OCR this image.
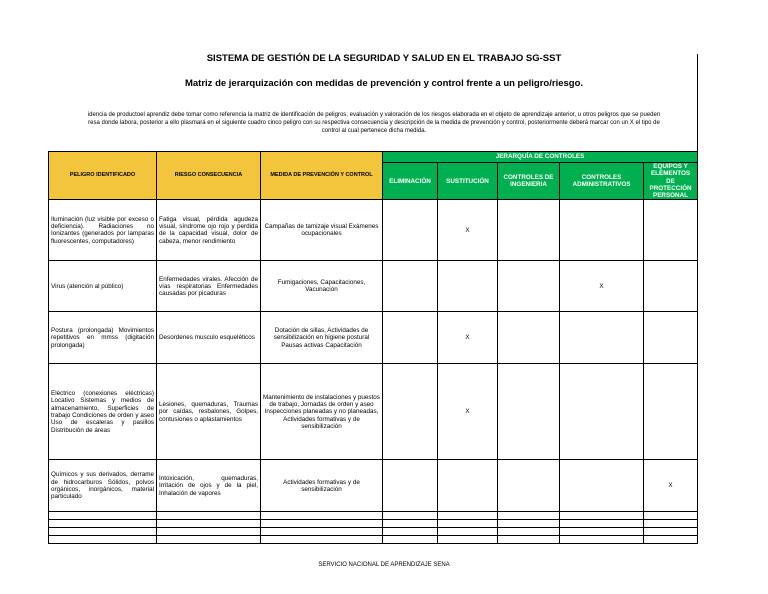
SISTEMA DE GESTIÓN DE LA SEGURIDAD Y SALUD EN EL TRABAJO SG-SST
Matriz de jerarquización con medidas de prevención y control frente a un peligro/riesgo.
idencia de productoel aprendiz debe tomar como referencia la matriz de identificación de peligros, evaluación y valoración de los riesgos elaborada en el objeto de aprendizaje anterior, u otros peligros que se pueden
resa donde labora, posterior a ello plasmará en el siguiente cuadro cinco peligro con su respectiva consecuencia y descripción de la medida de prevención y control, posteriormente deberá marcar con un X el tipo de
control al cual pertenece dicha medida.
PELIGRO IDENTIFICADO	RIESGO CONSECUENCIA	MEDIDA DE PREVENCIÓN Y CONTROL	JERARQUÍA DE CONTROLES				
			ELIMINACIÓN	SUSTITUCIÓN	CONTROLES DE INGENIERIA	CONTROLES ADMINISTRATIVOS	EQUIPOS Y ELEMENTOS DE PROTECCIÓN PERSONAL
Iluminación (luz visible por exceso o deficiencia). Radiaciones no Ionizantes (generados por lamparas fluorescentes, computadores)	Fatiga visual, pérdida agudeza visual, síndrome ojo rojo y perdida de la capacidad visual, dolor de cabeza, menor rendimiento	Campañas de tamizaje visual Exámenes ocupacionales		X			
Virus (atención al público)	Enfermedades virales. Afección de vías respiratorias Enfermedades causadas por picaduras	Fumigaciones, Capacitaciones, Vacunación				X	
Postura (prolongada) Movimientos repetitivos en mmss (digitación prolongada)	Desordenes musculo esqueléticos	Dotación de sillas, Actividades de sensibilización en higiene postural Pausas activas Capacitación		X			
Eléctrico (conexiones eléctricas) Locativo Sistemas y medios de almacenamiento, Superficies de trabajo Condiciones de orden y aseo Uso de escaleras y pasillos Distribución de áreas	Lesiones, quemaduras, Traumas por caídas, resbalones, Golpes, contusiones o aplastamientos	Mantenimiento de instalaciones y puestos de trabajo, Jornadas de orden y aseo Inspecciones planeadas y no planeadas, Actividades formativas y de sensibilización		X			
Químicos y sus derivados, derrame de hidrocarburos Sólidos, polvos orgánicos, inorgánicos, material particulado	Intoxicación, quemaduras, Irritación de ojos y de la piel, Inhalación de vapores	Actividades formativas y de sensibilización					X

SERVICIO NACIONAL DE APRENDIZAJE SENA
